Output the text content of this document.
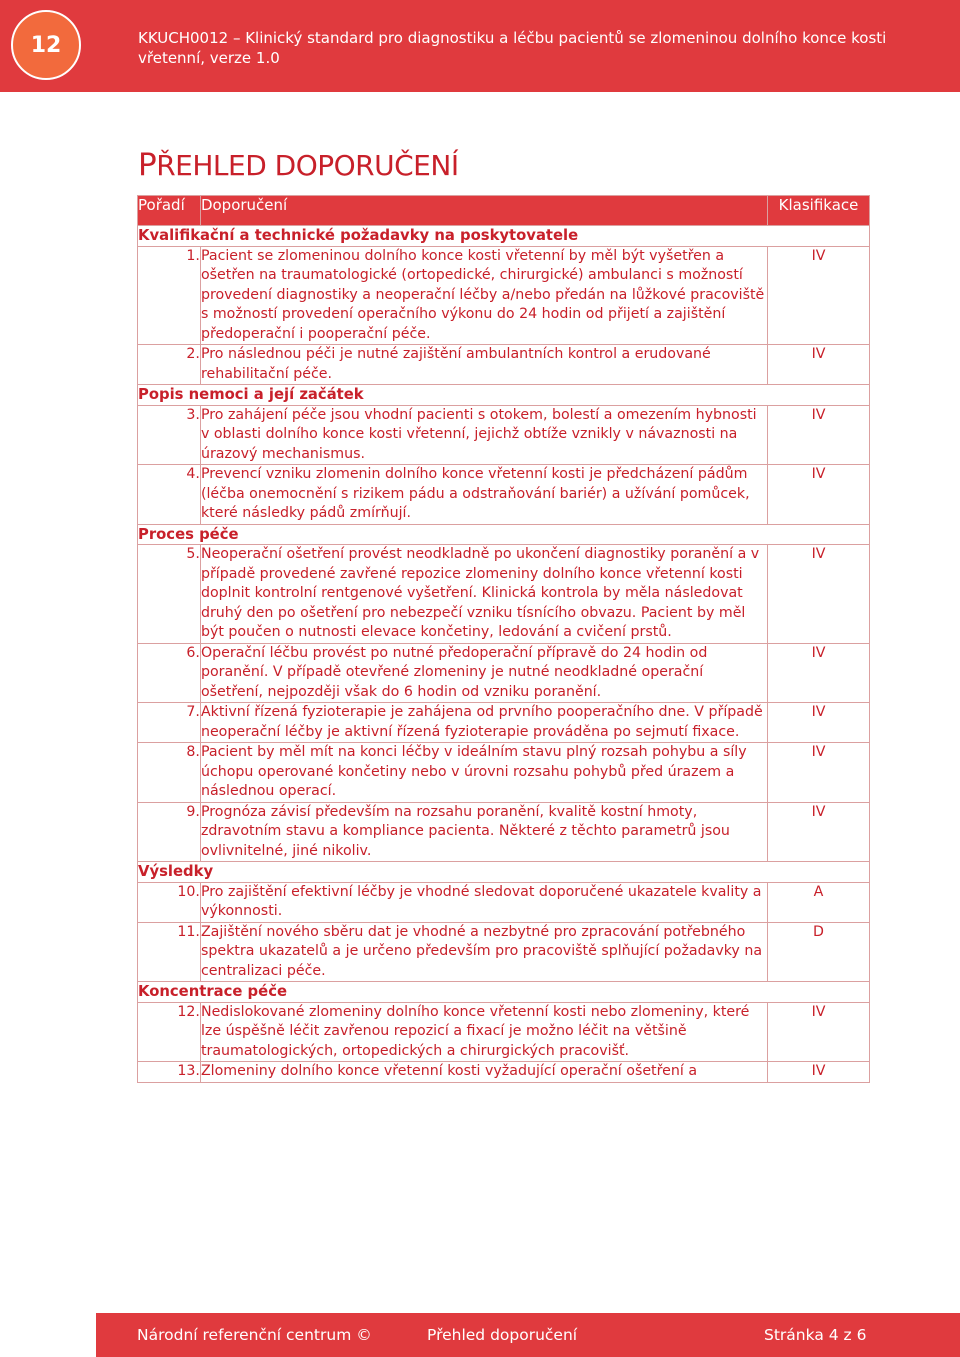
12	KKUCH0012 – Klinický standard pro diagnostiku a léčbu pacientů se zlomeninou dolního konce kosti vřetenní, verze 1.0
PŘEHLED DOPORUČENÍ
Pořadí	Doporučení	Klasifikace
Kvalifikační a technické požadavky na poskytovatele		
1.	Pacient se zlomeninou dolního konce kosti vřetenní by měl být vyšetřen a ošetřen na traumatologické (ortopedické, chirurgické) ambulanci s možností provedení diagnostiky a neoperační léčby a/nebo předán na lůžkové pracoviště s možností provedení operačního výkonu do 24 hodin od přijetí a zajištění předoperační i pooperační péče.	IV
2.	Pro následnou péči je nutné zajištění ambulantních kontrol a erudované rehabilitační péče.	IV
Popis nemoci a její začátek		
3.	Pro zahájení péče jsou vhodní pacienti s otokem, bolestí a omezením hybnosti v oblasti dolního konce kosti vřetenní, jejichž obtíže vznikly v návaznosti na úrazový mechanismus.	IV
4.	Prevencí vzniku zlomenin dolního konce vřetenní kosti je předcházení pádům (léčba onemocnění s rizikem pádu a odstraňování bariér) a užívání pomůcek, které následky pádů zmírňují.	IV
Proces péče		
5.	Neoperační ošetření provést neodkladně po ukončení diagnostiky poranění a v případě provedené zavřené repozice zlomeniny dolního konce vřetenní kosti doplnit kontrolní rentgenové vyšetření. Klinická kontrola by měla následovat druhý den po ošetření pro nebezpečí vzniku tísnícího obvazu. Pacient by měl být poučen o nutnosti elevace končetiny, ledování a cvičení prstů.	IV
6.	Operační léčbu provést po nutné předoperační přípravě do 24 hodin od poranění. V případě otevřené zlomeniny je nutné neodkladné operační ošetření, nejpozději však do 6 hodin od vzniku poranění.	IV
7.	Aktivní řízená fyzioterapie je zahájena od prvního pooperačního dne. V případě neoperační léčby je aktivní řízená fyzioterapie prováděna po sejmutí fixace.	IV
8.	Pacient by měl mít na konci léčby v ideálním stavu plný rozsah pohybu a síly úchopu operované končetiny nebo v úrovni rozsahu pohybů před úrazem a následnou operací.	IV
9.	Prognóza závisí především na rozsahu poranění, kvalitě kostní hmoty, zdravotním stavu a kompliance pacienta. Některé z těchto parametrů jsou ovlivnitelné, jiné nikoliv.	IV
Výsledky		
10.	Pro zajištění efektivní léčby je vhodné sledovat doporučené ukazatele kvality a výkonnosti.	A
11.	Zajištění nového sběru dat je vhodné a nezbytné pro zpracování potřebného spektra ukazatelů a je určeno především pro pracoviště splňující požadavky na centralizaci péče.	D
Koncentrace péče		
12.	Nedislokované zlomeniny dolního konce vřetenní kosti nebo zlomeniny, které lze úspěšně léčit zavřenou repozicí a fixací je možno léčit na většině traumatologických, ortopedických a chirurgických pracovišť.	IV
13.	Zlomeniny dolního konce vřetenní kosti vyžadující operační ošetření a	IV
Národní referenční centrum ©	Přehled doporučení	Stránka 4 z 6
